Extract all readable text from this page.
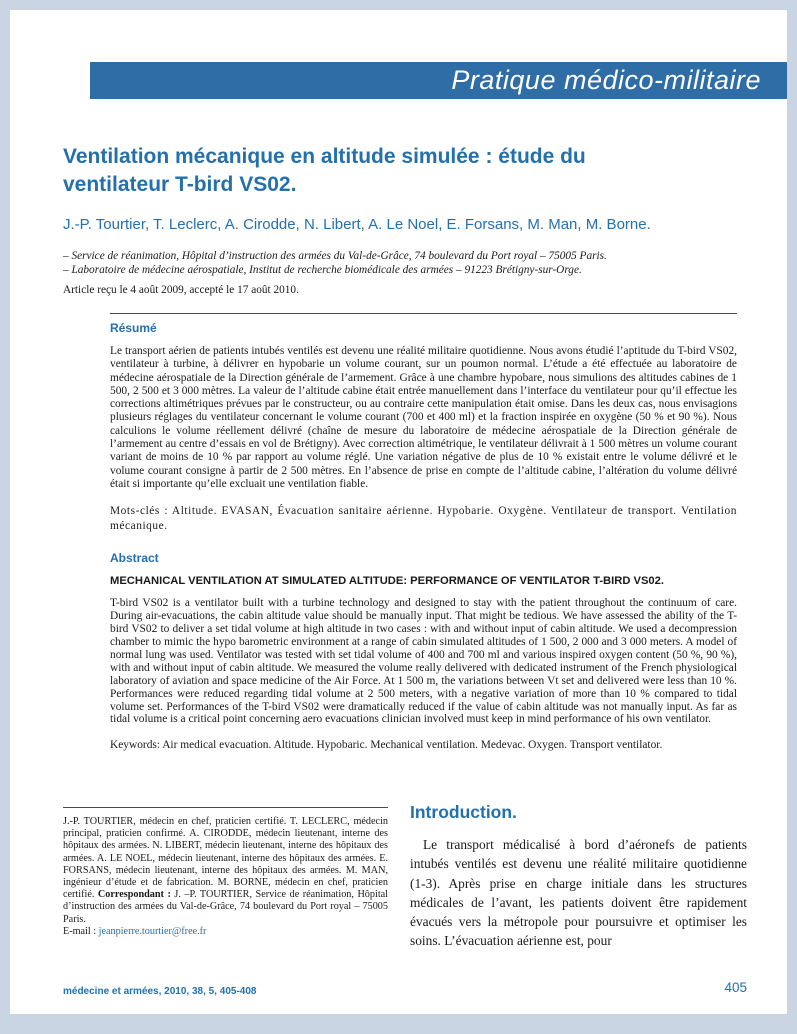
Pratique médico-militaire
Ventilation mécanique en altitude simulée : étude du ventilateur T-bird VS02.
J.-P. Tourtier, T. Leclerc, A. Cirodde, N. Libert, A. Le Noel, E. Forsans, M. Man, M. Borne.
– Service de réanimation, Hôpital d’instruction des armées du Val-de-Grâce, 74 boulevard du Port royal – 75005 Paris.
– Laboratoire de médecine aérospatiale, Institut de recherche biomédicale des armées – 91223 Brétigny-sur-Orge.
Article reçu le 4 août 2009, accepté le 17 août 2010.
Résumé
Le transport aérien de patients intubés ventilés est devenu une réalité militaire quotidienne. Nous avons étudié l’aptitude du T-bird VS02, ventilateur à turbine, à délivrer en hypobarie un volume courant, sur un poumon normal. L’étude a été effectuée au laboratoire de médecine aérospatiale de la Direction générale de l’armement. Grâce à une chambre hypobare, nous simulions des altitudes cabines de 1 500, 2 500 et 3 000 mètres. La valeur de l’altitude cabine était entrée manuellement dans l’interface du ventilateur pour qu’il effectue les corrections altimétriques prévues par le constructeur, ou au contraire cette manipulation était omise. Dans les deux cas, nous envisagions plusieurs réglages du ventilateur concernant le volume courant (700 et 400 ml) et la fraction inspirée en oxygène (50 % et 90 %). Nous calculions le volume réellement délivré (chaîne de mesure du laboratoire de médecine aérospatiale de la Direction générale de l’armement au centre d’essais en vol de Brétigny). Avec correction altimétrique, le ventilateur délivrait à 1 500 mètres un volume courant variant de moins de 10 % par rapport au volume réglé. Une variation négative de plus de 10 % existait entre le volume délivré et le volume courant consigne à partir de 2 500 mètres. En l’absence de prise en compte de l’altitude cabine, l’altération du volume délivré était si importante qu’elle excluait une ventilation fiable.
Mots-clés : Altitude. EVASAN, Évacuation sanitaire aérienne. Hypobarie. Oxygène. Ventilateur de transport. Ventilation mécanique.
Abstract
MECHANICAL VENTILATION AT SIMULATED ALTITUDE: PERFORMANCE OF VENTILATOR T-BIRD VS02.
T-bird VS02 is a ventilator built with a turbine technology and designed to stay with the patient throughout the continuum of care. During air-evacuations, the cabin altitude value should be manually input. That might be tedious. We have assessed the ability of the T-bird VS02 to deliver a set tidal volume at high altitude in two cases : with and without input of cabin altitude. We used a decompression chamber to mimic the hypo barometric environment at a range of cabin simulated altitudes of 1 500, 2 000 and 3 000 meters. A model of normal lung was used. Ventilator was tested with set tidal volume of 400 and 700 ml and various inspired oxygen content (50 %, 90 %), with and without input of cabin altitude. We measured the volume really delivered with dedicated instrument of the French physiological laboratory of aviation and space medicine of the Air Force. At 1 500 m, the variations between Vt set and delivered were less than 10 %. Performances were reduced regarding tidal volume at 2 500 meters, with a negative variation of more than 10 % compared to tidal volume set. Performances of the T-bird VS02 were dramatically reduced if the value of cabin altitude was not manually input. As far as tidal volume is a critical point concerning aero evacuations clinician involved must keep in mind performance of his own ventilator.
Keywords: Air medical evacuation. Altitude. Hypobaric. Mechanical ventilation. Medevac. Oxygen. Transport ventilator.
J.-P. TOURTIER, médecin en chef, praticien certifié. T. LECLERC, médecin principal, praticien confirmé. A. CIRODDE, médecin lieutenant, interne des hôpitaux des armées. N. LIBERT, médecin lieutenant, interne des hôpitaux des armées. A. LE NOEL, médecin lieutenant, interne des hôpitaux des armées. E. FORSANS, médecin lieutenant, interne des hôpitaux des armées. M. MAN, ingénieur d’étude et de fabrication. M. BORNE, médecin en chef, praticien certifié. Correspondant : J. –P. TOURTIER, Service de réanimation, Hôpital d’instruction des armées du Val-de-Grâce, 74 boulevard du Port royal – 75005 Paris.
E-mail : jeanpierre.tourtier@free.fr
Introduction.
Le transport médicalisé à bord d’aéronefs de patients intubés ventilés est devenu une réalité militaire quotidienne (1-3). Après prise en charge initiale dans les structures médicales de l’avant, les patients doivent être rapidement évacués vers la métropole pour poursuivre et optimiser les soins. L’évacuation aérienne est, pour
médecine et armées, 2010, 38, 5, 405-408	405
